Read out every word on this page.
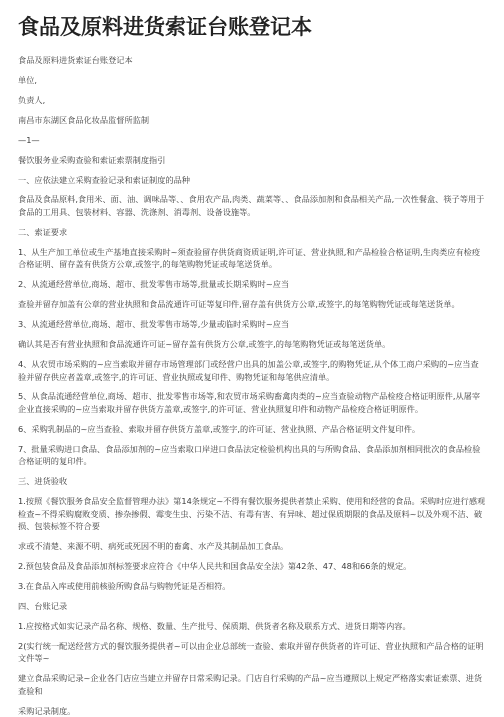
食品及原料进货索证台账登记本

食品及原料进货索证台账登记本

单位,

负责人,

南昌市东湖区食品化妆品监督所监制

—1—

餐饮服务业采购查验和索证索票制度指引

一、应依法建立采购查验记录和索证制度的品种

食品及食品原料,食用米、面、油、调味品等、、食用农产品,肉类、蔬菜等、、食品添加剂和食品相关产品,一次性餐盒、筷子等用于食品的工用具、包装材料、容器、洗涤剂、消毒剂、设备设施等。

二、索证要求

1、从生产加工单位或生产基地直接采购时~须查验留存供货商资质证明,许可证、营业执照,和产品检验合格证明,生肉类应有检疫合格证明、留存盖有供货方公章,或签字,的每笔购物凭证或每笔送货单。

2、从流通经营单位,商场、超市、批发零售市场等,批量或长期采购时~应当

查验并留存加盖有公章的营业执照和食品流通许可证等复印件,留存盖有供货方公章,或签字,的每笔购物凭证或每笔送货单。

3、从流通经营单位,商场、超市、批发零售市场等,少量或临时采购时~应当

确认其是否有营业执照和食品流通许可证~留存盖有供货方公章,或签字,的每笔购物凭证或每笔送货单。

4、从农贸市场采购的~应当索取并留存市场管理部门或经营户出具的加盖公章,或签字,的购物凭证,从个体工商户采购的~应当查验并留存供应者盖章,或签字,的许可证、营业执照或复印件、购物凭证和每笔供应清单。

5、从食品流通经营单位,商场、超市、批发零售市场等,和农贸市场采购畜禽肉类的~应当查验动物产品检疫合格证明原件,从屠宰企业直接采购的~应当索取并留存供货方盖章,或签字,的许可证、营业执照复印件和动物产品检疫合格证明原件。

6、采购乳制品的~应当查验、索取并留存供货方盖章,或签字,的许可证、营业执照、产品合格证明文件复印件。

7、批量采购进口食品、食品添加剂的~应当索取口岸进口食品法定检验机构出具的与所购食品、食品添加剂相同批次的食品检验合格证明的复印件。

三、进货验收

1.按照《餐饮服务食品安全监督管理办法》第14条规定~不得有餐饮服务提供者禁止采购、使用和经营的食品。采购时应进行感观检查~不得采购腐败变质、掺杂掺假、霉变生虫、污染不洁、有毒有害、有异味、超过保质期限的食品及原料~以及外观不洁、破损、包装标签不符合要

求或不清楚、来源不明、病死或死因不明的畜禽、水产及其制品加工食品。

2.预包装食品及食品添加剂标签要求应符合《中华人民共和国食品安全法》第42条、47、48和66条的规定。

3.在食品入库或使用前核验所购食品与购物凭证是否相符。

四、台账记录

1.应按格式如实记录产品名称、规格、数量、生产批号、保质期、供货者名称及联系方式、进货日期等内容。

2(实行统一配送经营方式的餐饮服务提供者~可以由企业总部统一查验、索取并留存供货者的许可证、营业执照和产品合格的证明文件等~

建立食品采购记录~企业各门店应当建立并留存日常采购记录。门店自行采购的产品~应当遵照以上规定严格落实索证索票、进货查验和

采购记录制度。
